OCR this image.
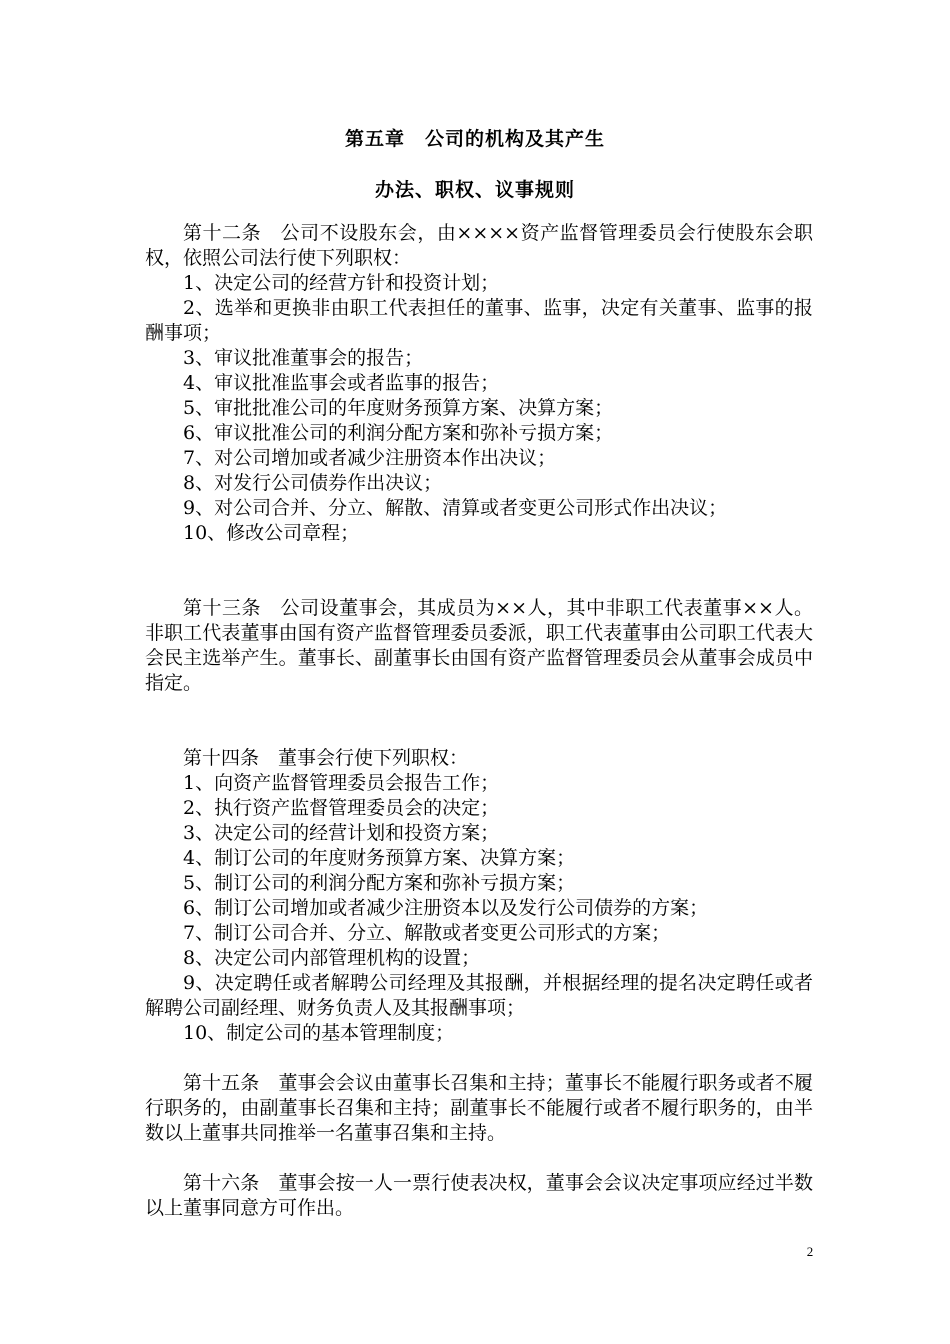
第五章　公司的机构及其产生
办法、职权、议事规则

第十二条　公司不设股东会，由××××资产监督管理委员会行使股东会职权，依照公司法行使下列职权：

1、决定公司的经营方针和投资计划；

2、选举和更换非由职工代表担任的董事、监事，决定有关董事、监事的报酬事项；

3、审议批准董事会的报告；

4、审议批准监事会或者监事的报告；

5、审批批准公司的年度财务预算方案、决算方案；

6、审议批准公司的利润分配方案和弥补亏损方案；

7、对公司增加或者减少注册资本作出决议；

8、对发行公司债券作出决议；

9、对公司合并、分立、解散、清算或者变更公司形式作出决议；

10、修改公司章程；

第十三条　公司设董事会，其成员为××人，其中非职工代表董事××人。非职工代表董事由国有资产监督管理委员委派，职工代表董事由公司职工代表大会民主选举产生。董事长、副董事长由国有资产监督管理委员会从董事会成员中指定。

第十四条　董事会行使下列职权：

1、向资产监督管理委员会报告工作；

2、执行资产监督管理委员会的决定；

3、决定公司的经营计划和投资方案；

4、制订公司的年度财务预算方案、决算方案；

5、制订公司的利润分配方案和弥补亏损方案；

6、制订公司增加或者减少注册资本以及发行公司债券的方案；

7、制订公司合并、分立、解散或者变更公司形式的方案；

8、决定公司内部管理机构的设置；

9、决定聘任或者解聘公司经理及其报酬，并根据经理的提名决定聘任或者解聘公司副经理、财务负责人及其报酬事项；

10、制定公司的基本管理制度；

第十五条　董事会会议由董事长召集和主持；董事长不能履行职务或者不履行职务的，由副董事长召集和主持；副董事长不能履行或者不履行职务的，由半数以上董事共同推举一名董事召集和主持。

第十六条　董事会按一人一票行使表决权，董事会会议决定事项应经过半数以上董事同意方可作出。

2
